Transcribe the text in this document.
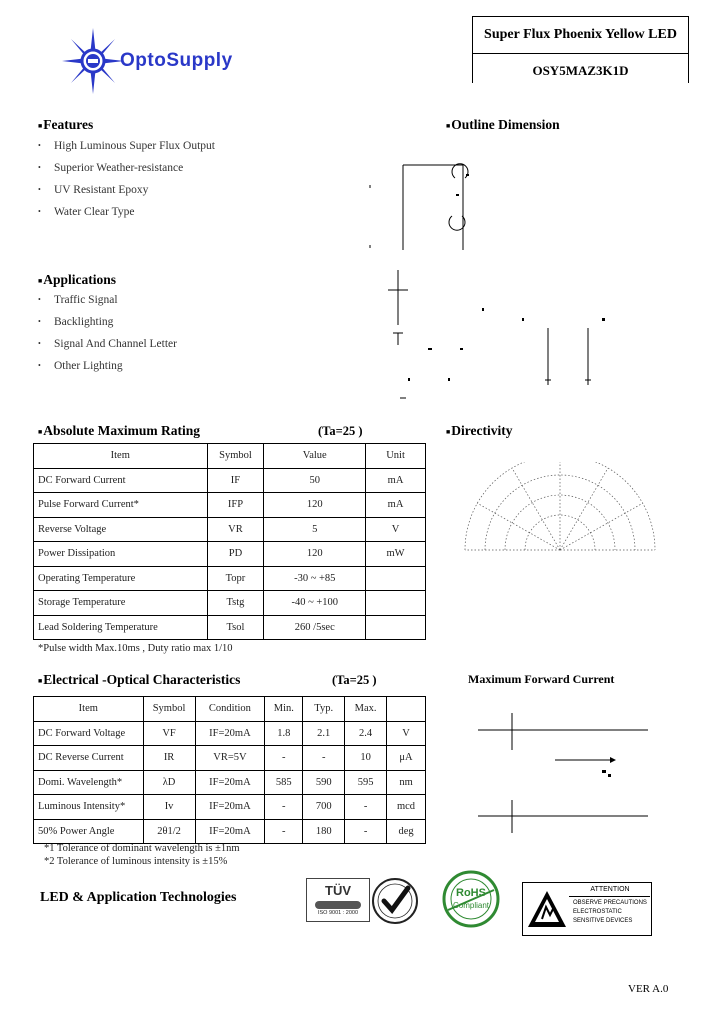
OptoSupply
Super Flux Phoenix Yellow LED
OSY5MAZ3K1D
■ Features
• High Luminous Super Flux Output
• Superior Weather-resistance
• UV Resistant Epoxy
• Water Clear Type
■ Applications
• Traffic Signal
• Backlighting
• Signal And Channel Letter
• Other Lighting
■ Outline Dimension
■ Absolute Maximum Rating	(Ta=25 )
Item	Symbol	Value	Unit
DC Forward Current	IF	50	mA
Pulse Forward Current*	IFP	120	mA
Reverse Voltage	VR	5	V
Power Dissipation	PD	120	mW
Operating Temperature	Topr	-30 ~ +85	
Storage Temperature	Tstg	-40 ~ +100	
Lead Soldering Temperature	Tsol	260 /5sec	
*Pulse width Max.10ms , Duty ratio max 1/10
■ Directivity
■ Electrical -Optical Characteristics	(Ta=25 )
Item	Symbol	Condition	Min.	Typ.	Max.	
DC Forward Voltage	VF	IF=20mA	1.8	2.1	2.4	V
DC Reverse Current	IR	VR=5V	-	-	10	μA
Domi. Wavelength*	λD	IF=20mA	585	590	595	nm
Luminous Intensity*	Iv	IF=20mA	-	700	-	mcd
50% Power Angle	2θ1/2	IF=20mA	-	180	-	deg
*1 Tolerance of dominant wavelength is ±1nm
*2 Tolerance of luminous intensity is ±15%
Maximum Forward Current
LED & Application Technologies	TÜV
ISO 9001 : 2000
RoHS
Compliant
ATTENTION
OBSERVE PRECAUTIONS
ELECTROSTATIC
SENSITIVE DEVICES
VER A.0
